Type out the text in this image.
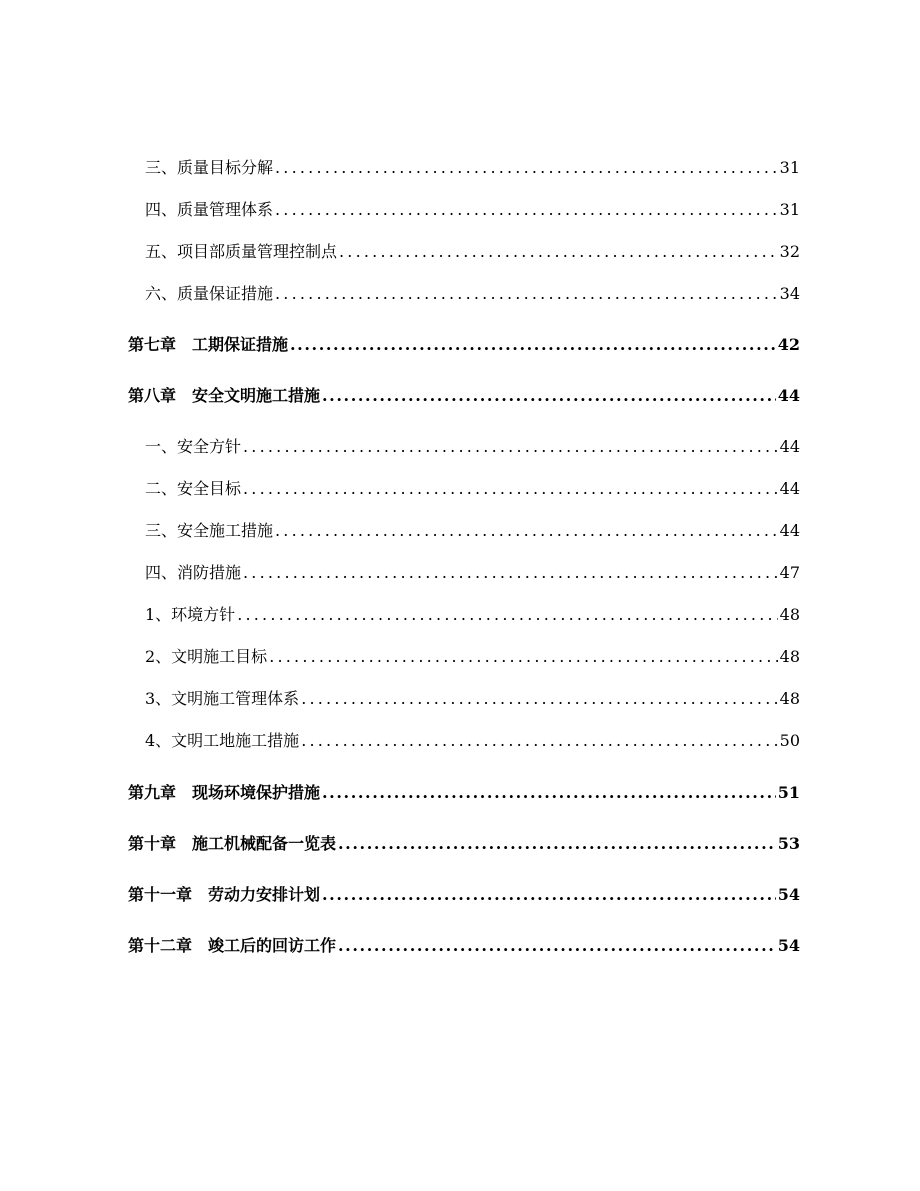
三、质量目标分解 .....	31
四、质量管理体系 .....	31
五、项目部质量管理控制点 .....	32
六、质量保证措施 .....	34
第七章　工期保证措施 .....	42
第八章　安全文明施工措施 .....	44
一、安全方针 .....	44
二、安全目标 .....	44
三、安全施工措施 .....	44
四、消防措施 .....	47
1、环境方针 .....	48
2、文明施工目标 .....	48
3、文明施工管理体系 .....	48
4、文明工地施工措施 .....	50
第九章　现场环境保护措施 .....	51
第十章　施工机械配备一览表 .....	53
第十一章　劳动力安排计划 .....	54
第十二章　竣工后的回访工作 .....	54
